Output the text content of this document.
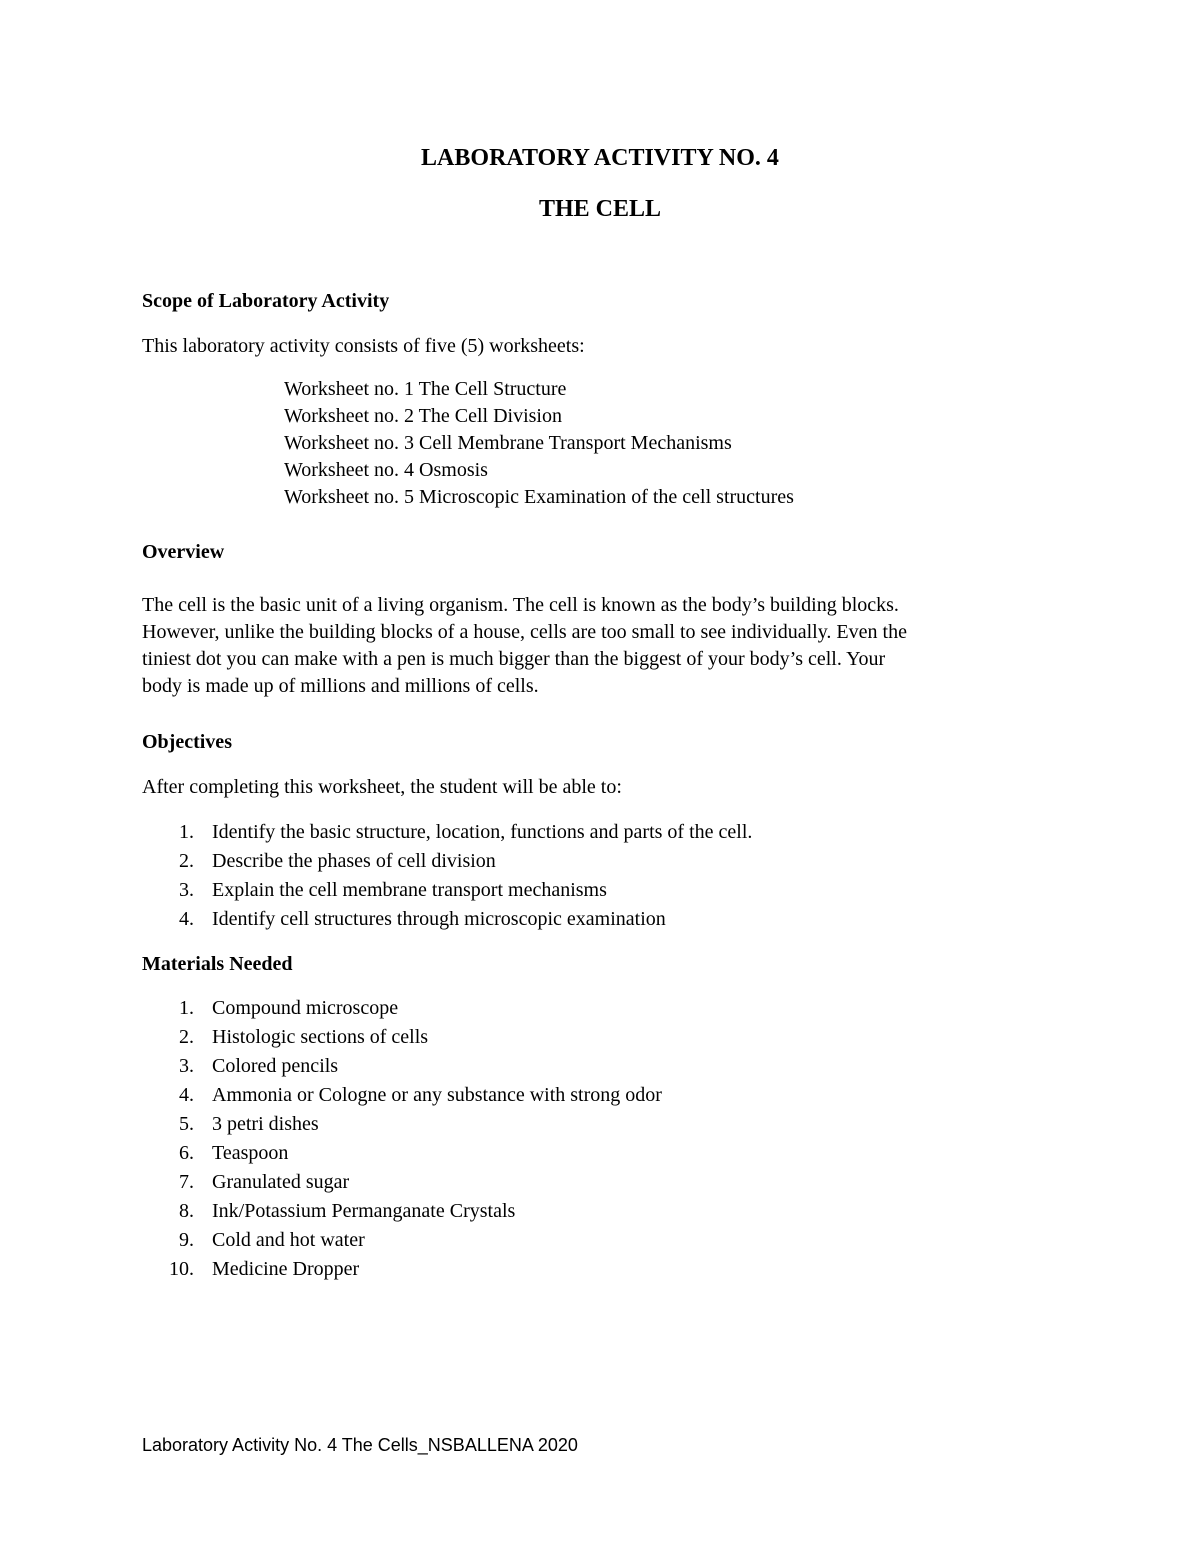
LABORATORY ACTIVITY NO. 4
THE CELL

Scope of Laboratory Activity

This laboratory activity consists of five (5) worksheets:

Worksheet no. 1 The Cell Structure
Worksheet no. 2 The Cell Division
Worksheet no. 3 Cell Membrane Transport Mechanisms
Worksheet no. 4 Osmosis
Worksheet no. 5 Microscopic Examination of the cell structures

Overview

The cell is the basic unit of a living organism. The cell is known as the body’s building blocks.
However, unlike the building blocks of a house, cells are too small to see individually. Even the
tiniest dot you can make with a pen is much bigger than the biggest of your body’s cell. Your
body is made up of millions and millions of cells.

Objectives

After completing this worksheet, the student will be able to:

1. Identify the basic structure, location, functions and parts of the cell.
2. Describe the phases of cell division
3. Explain the cell membrane transport mechanisms
4. Identify cell structures through microscopic examination

Materials Needed

1. Compound microscope
2. Histologic sections of cells
3. Colored pencils
4. Ammonia or Cologne or any substance with strong odor
5. 3 petri dishes
6. Teaspoon
7. Granulated sugar
8. Ink/Potassium Permanganate Crystals
9. Cold and hot water
10. Medicine Dropper

Laboratory Activity No. 4 The Cells_NSBALLENA 2020
